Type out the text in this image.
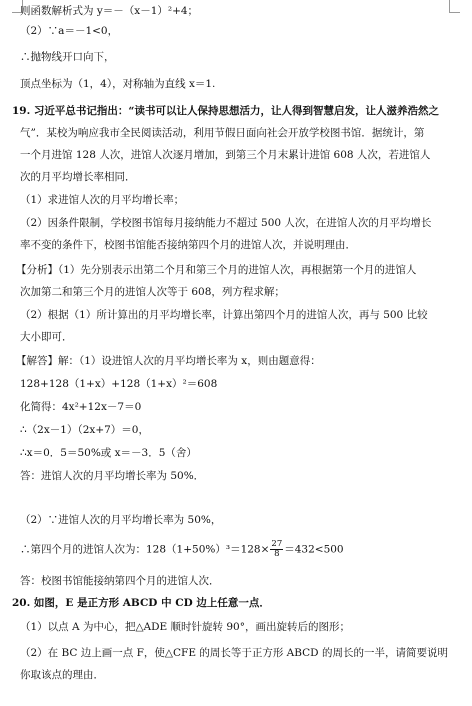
∴第四个月的进馆人次为：$128(1+50\%)^3=128\times \frac{27}{8} =432<500$
则函数解析式为 y＝－（x－1）²+4；
（2）∵a＝－1<0，
∴抛物线开口向下，
顶点坐标为（1，4），对称轴为直线 x＝1.
19. 习近平总书记指出：“读书可以让人保持思想活力，让人得到智慧启发，让人滋养浩然之
气”．某校为响应我市全民阅读活动，利用节假日面向社会开放学校图书馆．据统计，第
一个月进馆 128 人次，进馆人次逐月增加，到第三个月末累计进馆 608 人次，若进馆人
次的月平均增长率相同．
（1）求进馆人次的月平均增长率；
（2）因条件限制，学校图书馆每月接纳能力不超过 500 人次，在进馆人次的月平均增长
率不变的条件下，校图书馆能否接纳第四个月的进馆人次，并说明理由．
【分析】（1）先分别表示出第二个月和第三个月的进馆人次，再根据第一个月的进馆人
次加第二和第三个月的进馆人次等于 608，列方程求解；
（2）根据（1）所计算出的月平均增长率，计算出第四个月的进馆人次，再与 500 比较
大小即可．
【解答】解：（1）设进馆人次的月平均增长率为 x，则由题意得：
128+128（1+x）+128（1+x）²＝608
化简得：4x²+12x－7＝0
∴（2x－1）（2x+7）＝0，
∴x＝0．5＝50%或 x＝－3．5（舍）
答：进馆人次的月平均增长率为 50%．
（2）∵进馆人次的月平均增长率为 50%，
答：校图书馆能接纳第四个月的进馆人次．
20. 如图，E 是正方形 ABCD 中 CD 边上任意一点．
（1）以点 A 为中心，把△ADE 顺时针旋转 90°，画出旋转后的图形；
（2）在 BC 边上画一点 F，使△CFE 的周长等于正方形 ABCD 的周长的一半，请简要说明
你取该点的理由．
